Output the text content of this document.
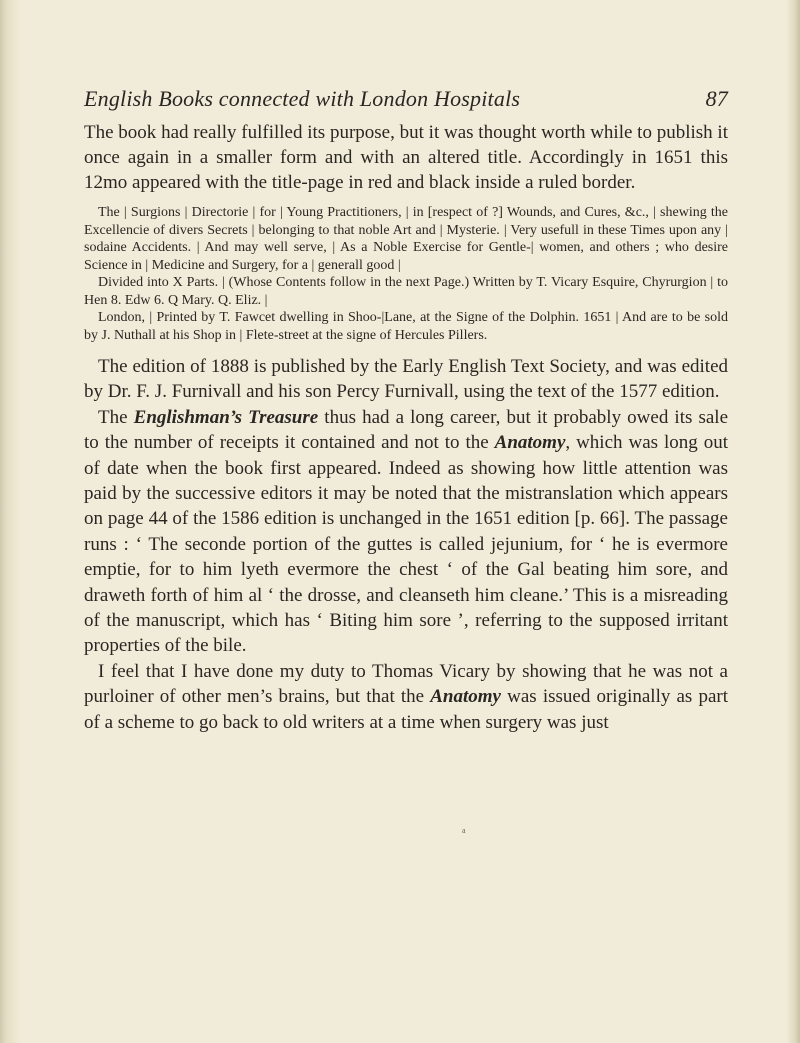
English Books connected with London Hospitals	87

The book had really fulfilled its purpose, but it was thought worth while to publish it once again in a smaller form and with an altered title. Accordingly in 1651 this 12mo appeared with the title-page in red and black inside a ruled border.

The | Surgions | Directorie | for | Young Practitioners, | in [respect of ?] Wounds, and Cures, &c., | shewing the Excellencie of divers Secrets | belonging to that noble Art and | Mysterie. | Very usefull in these Times upon any | sodaine Accidents. | And may well serve, | As a Noble Exercise for Gentle-| women, and others ; who desire Science in | Medicine and Surgery, for a | generall good |

Divided into X Parts. | (Whose Contents follow in the next Page.) Written by T. Vicary Esquire, Chyrurgion | to Hen 8. Edw 6. Q Mary. Q. Eliz. |

London, | Printed by T. Fawcet dwelling in Shoo-|Lane, at the Signe of the Dolphin. 1651 | And are to be sold by J. Nuthall at his Shop in | Flete-street at the signe of Hercules Pillers.

The edition of 1888 is published by the Early English Text Society, and was edited by Dr. F. J. Furnivall and his son Percy Furnivall, using the text of the 1577 edition.

The Englishman’s Treasure thus had a long career, but it probably owed its sale to the number of receipts it contained and not to the Anatomy, which was long out of date when the book first appeared. Indeed as showing how little attention was paid by the successive editors it may be noted that the mistranslation which appears on page 44 of the 1586 edition is unchanged in the 1651 edition [p. 66]. The passage runs : ‘ The seconde portion of the guttes is called jejunium, for ‘ he is evermore emptie, for to him lyeth evermore the chest ‘ of the Gal beating him sore, and draweth forth of him al ‘ the drosse, and cleanseth him cleane.’ This is a misreading of the manuscript, which has ‘ Biting him sore ’, referring to the supposed irritant properties of the bile.

I feel that I have done my duty to Thomas Vicary by showing that he was not a purloiner of other men’s brains, but that the Anatomy was issued originally as part of a scheme to go back to old writers at a time when surgery was just

a
